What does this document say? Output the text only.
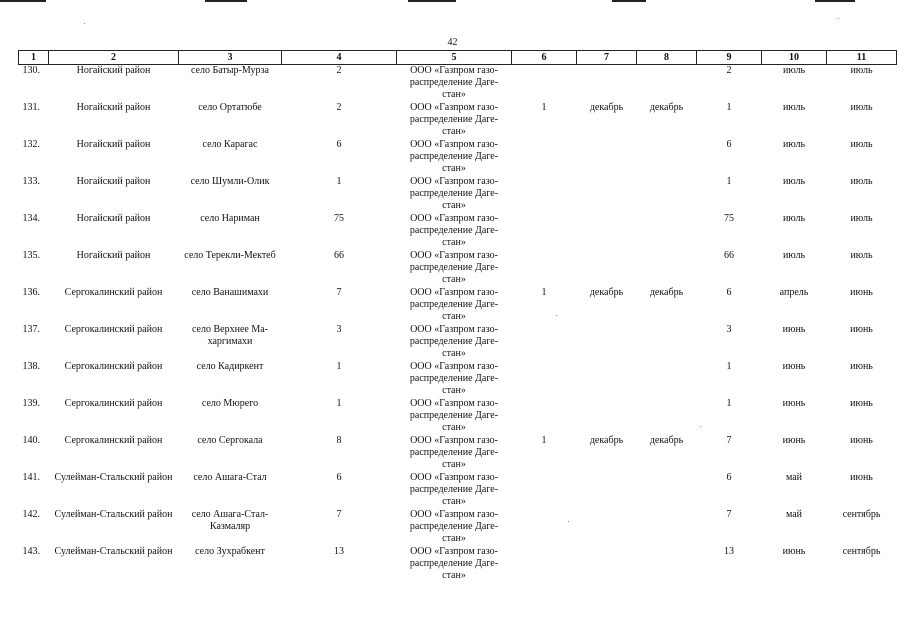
42
1	2	3	4	5	6	7	8	9	10	11
130.	Ногайский район	село Батыр-Мурза	2	ООО «Газпром газо-распределение Даге-стан»				2	июль	июль
131.	Ногайский район	село Ортатюбе	2	ООО «Газпром газо-распределение Даге-стан»	1	декабрь	декабрь	1	июль	июль
132.	Ногайский район	село Карагас	6	ООО «Газпром газо-распределение Даге-стан»				6	июль	июль
133.	Ногайский район	село Шумли-Олик	1	ООО «Газпром газо-распределение Даге-стан»				1	июль	июль
134.	Ногайский район	село Нариман	75	ООО «Газпром газо-распределение Даге-стан»				75	июль	июль
135.	Ногайский район	село Терекли-Мектеб	66	ООО «Газпром газо-распределение Даге-стан»				66	июль	июль
136.	Сергокалинский район	село Ванашимахи	7	ООО «Газпром газо-распределение Даге-стан»	1	декабрь	декабрь	6	апрель	июнь
137.	Сергокалинский район	село Верхнее Ма-харгимахи	3	ООО «Газпром газо-распределение Даге-стан»				3	июнь	июнь
138.	Сергокалинский район	село Кадиркент	1	ООО «Газпром газо-распределение Даге-стан»				1	июнь	июнь
139.	Сергокалинский район	село Мюрего	1	ООО «Газпром газо-распределение Даге-стан»				1	июнь	июнь
140.	Сергокалинский район	село Сергокала	8	ООО «Газпром газо-распределение Даге-стан»	1	декабрь	декабрь	7	июнь	июнь
141.	Сулейман-Стальский район	село Ашага-Стал	6	ООО «Газпром газо-распределение Даге-стан»				6	май	июнь
142.	Сулейман-Стальский район	село Ашага-Стал-Казмаляр	7	ООО «Газпром газо-распределение Даге-стан»				7	май	сентябрь
143.	Сулейман-Стальский район	село Зухрабкент	13	ООО «Газпром газо-распределение Даге-стан»				13	июнь	сентябрь
